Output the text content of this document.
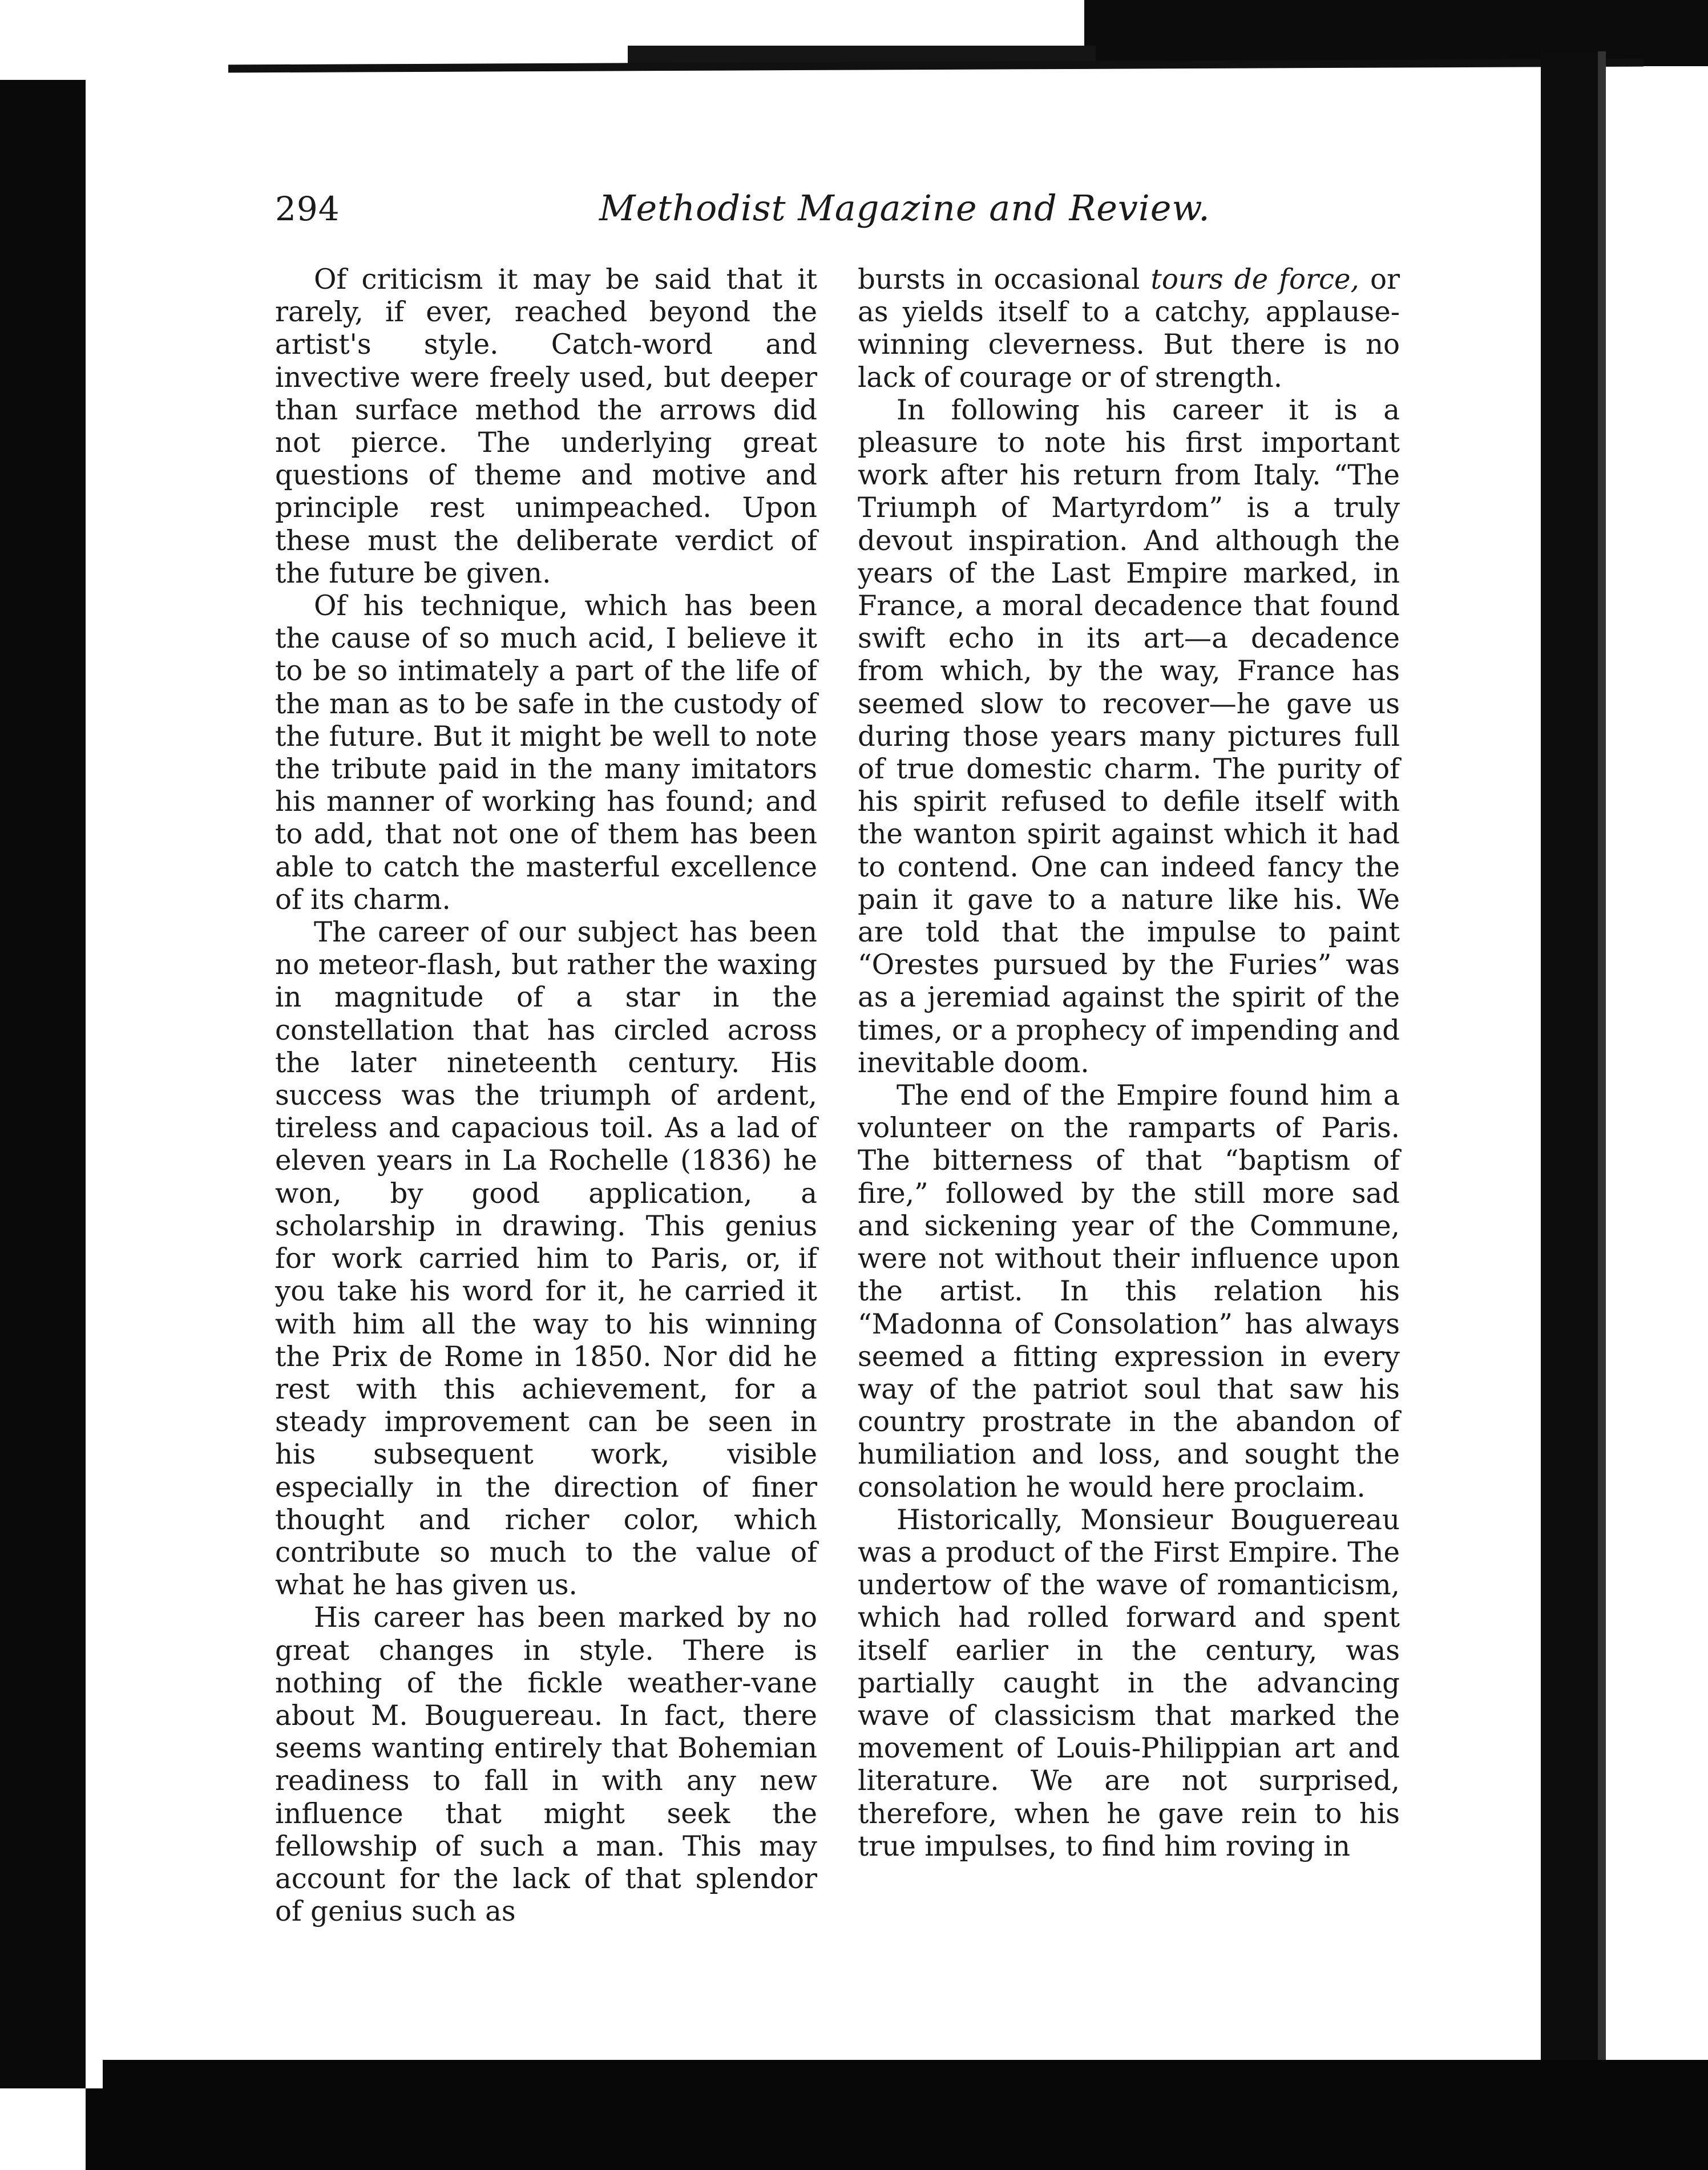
294	Methodist Magazine and Review.

Of criticism it may be said that it rarely, if ever, reached beyond the artist's style. Catch-word and invective were freely used, but deeper than surface method the arrows did not pierce. The underlying great questions of theme and motive and principle rest unimpeached. Upon these must the deliberate verdict of the future be given.

Of his technique, which has been the cause of so much acid, I believe it to be so intimately a part of the life of the man as to be safe in the custody of the future. But it might be well to note the tribute paid in the many imitators his manner of working has found; and to add, that not one of them has been able to catch the masterful excellence of its charm.

The career of our subject has been no meteor-flash, but rather the waxing in magnitude of a star in the constellation that has circled across the later nineteenth century. His success was the triumph of ardent, tireless and capacious toil. As a lad of eleven years in La Rochelle (1836) he won, by good application, a scholarship in drawing. This genius for work carried him to Paris, or, if you take his word for it, he carried it with him all the way to his winning the Prix de Rome in 1850. Nor did he rest with this achievement, for a steady improvement can be seen in his subsequent work, visible especially in the direction of finer thought and richer color, which contribute so much to the value of what he has given us.

His career has been marked by no great changes in style. There is nothing of the fickle weather-vane about M. Bouguereau. In fact, there seems wanting entirely that Bohemian readiness to fall in with any new influence that might seek the fellowship of such a man. This may account for the lack of that splendor of genius such as

bursts in occasional tours de force, or as yields itself to a catchy, applause-winning cleverness. But there is no lack of courage or of strength.

In following his career it is a pleasure to note his first important work after his return from Italy. “The Triumph of Martyrdom” is a truly devout inspiration. And although the years of the Last Empire marked, in France, a moral decadence that found swift echo in its art—a decadence from which, by the way, France has seemed slow to recover—he gave us during those years many pictures full of true domestic charm. The purity of his spirit refused to defile itself with the wanton spirit against which it had to contend. One can indeed fancy the pain it gave to a nature like his. We are told that the impulse to paint “Orestes pursued by the Furies” was as a jeremiad against the spirit of the times, or a prophecy of impending and inevitable doom.

The end of the Empire found him a volunteer on the ramparts of Paris. The bitterness of that “baptism of fire,” followed by the still more sad and sickening year of the Commune, were not without their influence upon the artist. In this relation his “Madonna of Consolation” has always seemed a fitting expression in every way of the patriot soul that saw his country prostrate in the abandon of humiliation and loss, and sought the consolation he would here proclaim.

Historically, Monsieur Bouguereau was a product of the First Empire. The undertow of the wave of romanticism, which had rolled forward and spent itself earlier in the century, was partially caught in the advancing wave of classicism that marked the movement of Louis-Philippian art and literature. We are not surprised, therefore, when he gave rein to his true impulses, to find him roving in
